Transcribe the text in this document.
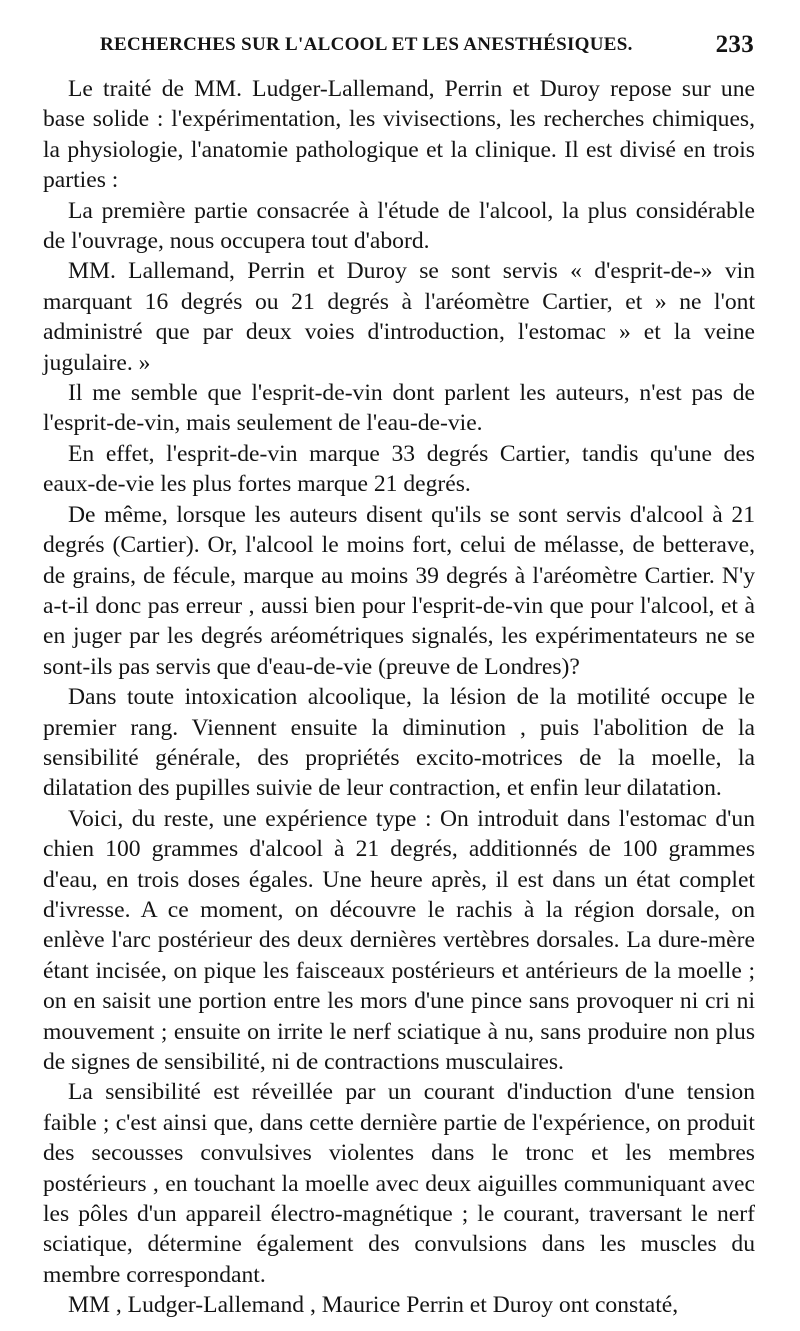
RECHERCHES SUR L'ALCOOL ET LES ANESTHÉSIQUES.	233

Le traité de MM. Ludger-Lallemand, Perrin et Duroy repose sur une base solide : l'expérimentation, les vivisections, les recherches chimiques, la physiologie, l'anatomie pathologique et la clinique. Il est divisé en trois parties :

La première partie consacrée à l'étude de l'alcool, la plus considérable de l'ouvrage, nous occupera tout d'abord.

MM. Lallemand, Perrin et Duroy se sont servis « d'esprit-de-» vin marquant 16 degrés ou 21 degrés à l'aréomètre Cartier, et » ne l'ont administré que par deux voies d'introduction, l'estomac » et la veine jugulaire. »

Il me semble que l'esprit-de-vin dont parlent les auteurs, n'est pas de l'esprit-de-vin, mais seulement de l'eau-de-vie.

En effet, l'esprit-de-vin marque 33 degrés Cartier, tandis qu'une des eaux-de-vie les plus fortes marque 21 degrés.

De même, lorsque les auteurs disent qu'ils se sont servis d'alcool à 21 degrés (Cartier). Or, l'alcool le moins fort, celui de mélasse, de betterave, de grains, de fécule, marque au moins 39 degrés à l'aréomètre Cartier. N'y a-t-il donc pas erreur , aussi bien pour l'esprit-de-vin que pour l'alcool, et à en juger par les degrés aréométriques signalés, les expérimentateurs ne se sont-ils pas servis que d'eau-de-vie (preuve de Londres)?

Dans toute intoxication alcoolique, la lésion de la motilité occupe le premier rang. Viennent ensuite la diminution , puis l'abolition de la sensibilité générale, des propriétés excito-motrices de la moelle, la dilatation des pupilles suivie de leur contraction, et enfin leur dilatation.

Voici, du reste, une expérience type : On introduit dans l'estomac d'un chien 100 grammes d'alcool à 21 degrés, additionnés de 100 grammes d'eau, en trois doses égales. Une heure après, il est dans un état complet d'ivresse. A ce moment, on découvre le rachis à la région dorsale, on enlève l'arc postérieur des deux dernières vertèbres dorsales. La dure-mère étant incisée, on pique les faisceaux postérieurs et antérieurs de la moelle ; on en saisit une portion entre les mors d'une pince sans provoquer ni cri ni mouvement ; ensuite on irrite le nerf sciatique à nu, sans produire non plus de signes de sensibilité, ni de contractions musculaires.

La sensibilité est réveillée par un courant d'induction d'une tension faible ; c'est ainsi que, dans cette dernière partie de l'expérience, on produit des secousses convulsives violentes dans le tronc et les membres postérieurs , en touchant la moelle avec deux aiguilles communiquant avec les pôles d'un appareil électro-magnétique ; le courant, traversant le nerf sciatique, détermine également des convulsions dans les muscles du membre correspondant.

MM , Ludger-Lallemand , Maurice Perrin et Duroy ont constaté,
